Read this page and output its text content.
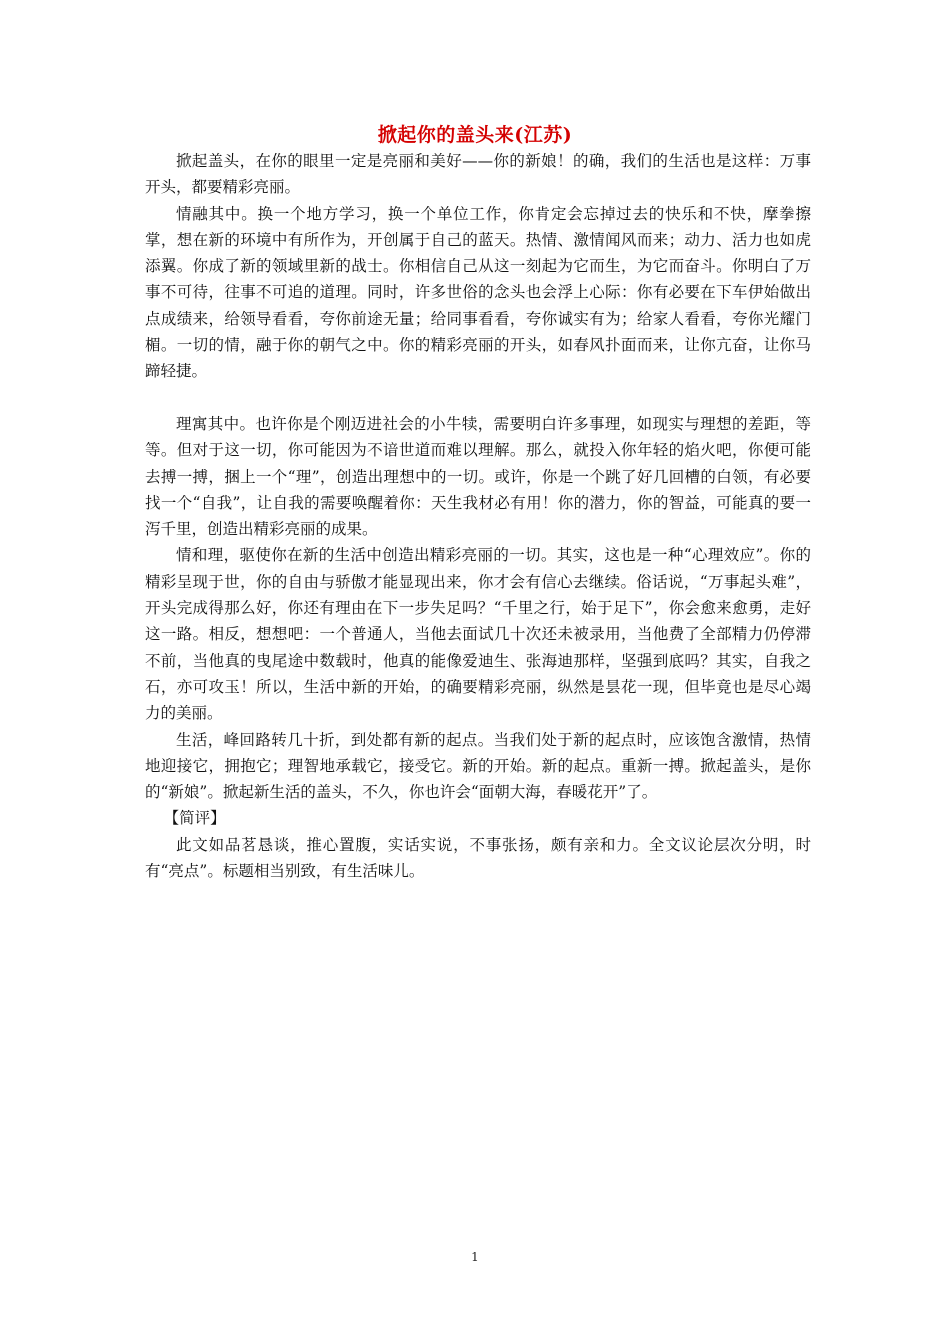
掀起你的盖头来(江苏)

掀起盖头，在你的眼里一定是亮丽和美好——你的新娘！的确，我们的生活也是这样：万事开头，都要精彩亮丽。

情融其中。换一个地方学习，换一个单位工作，你肯定会忘掉过去的快乐和不快，摩拳擦掌，想在新的环境中有所作为，开创属于自己的蓝天。热情、激情闻风而来；动力、活力也如虎添翼。你成了新的领域里新的战士。你相信自己从这一刻起为它而生，为它而奋斗。你明白了万事不可待，往事不可追的道理。同时，许多世俗的念头也会浮上心际：你有必要在下车伊始做出点成绩来，给领导看看，夸你前途无量；给同事看看，夸你诚实有为；给家人看看，夸你光耀门楣。一切的情，融于你的朝气之中。你的精彩亮丽的开头，如春风扑面而来，让你亢奋，让你马蹄轻捷。

理寓其中。也许你是个刚迈进社会的小牛犊，需要明白许多事理，如现实与理想的差距，等等。但对于这一切，你可能因为不谙世道而难以理解。那么，就投入你年轻的焰火吧，你便可能去搏一搏，捆上一个“理”，创造出理想中的一切。或许，你是一个跳了好几回槽的白领，有必要找一个“自我”，让自我的需要唤醒着你：天生我材必有用！你的潜力，你的智益，可能真的要一泻千里，创造出精彩亮丽的成果。

情和理，驱使你在新的生活中创造出精彩亮丽的一切。其实，这也是一种“心理效应”。你的精彩呈现于世，你的自由与骄傲才能显现出来，你才会有信心去继续。俗话说，“万事起头难”，开头完成得那么好，你还有理由在下一步失足吗？“千里之行，始于足下”，你会愈来愈勇，走好这一路。相反，想想吧：一个普通人，当他去面试几十次还未被录用，当他费了全部精力仍停滞不前，当他真的曳尾途中数载时，他真的能像爱迪生、张海迪那样，坚强到底吗？其实，自我之石，亦可攻玉！所以，生活中新的开始，的确要精彩亮丽，纵然是昙花一现，但毕竟也是尽心竭力的美丽。

生活，峰回路转几十折，到处都有新的起点。当我们处于新的起点时，应该饱含激情，热情地迎接它，拥抱它；理智地承载它，接受它。新的开始。新的起点。重新一搏。掀起盖头，是你的“新娘”。掀起新生活的盖头，不久，你也许会“面朝大海，春暖花开”了。

【简评】

此文如品茗恳谈，推心置腹，实话实说，不事张扬，颇有亲和力。全文议论层次分明，时有“亮点”。标题相当别致，有生活味儿。

1
